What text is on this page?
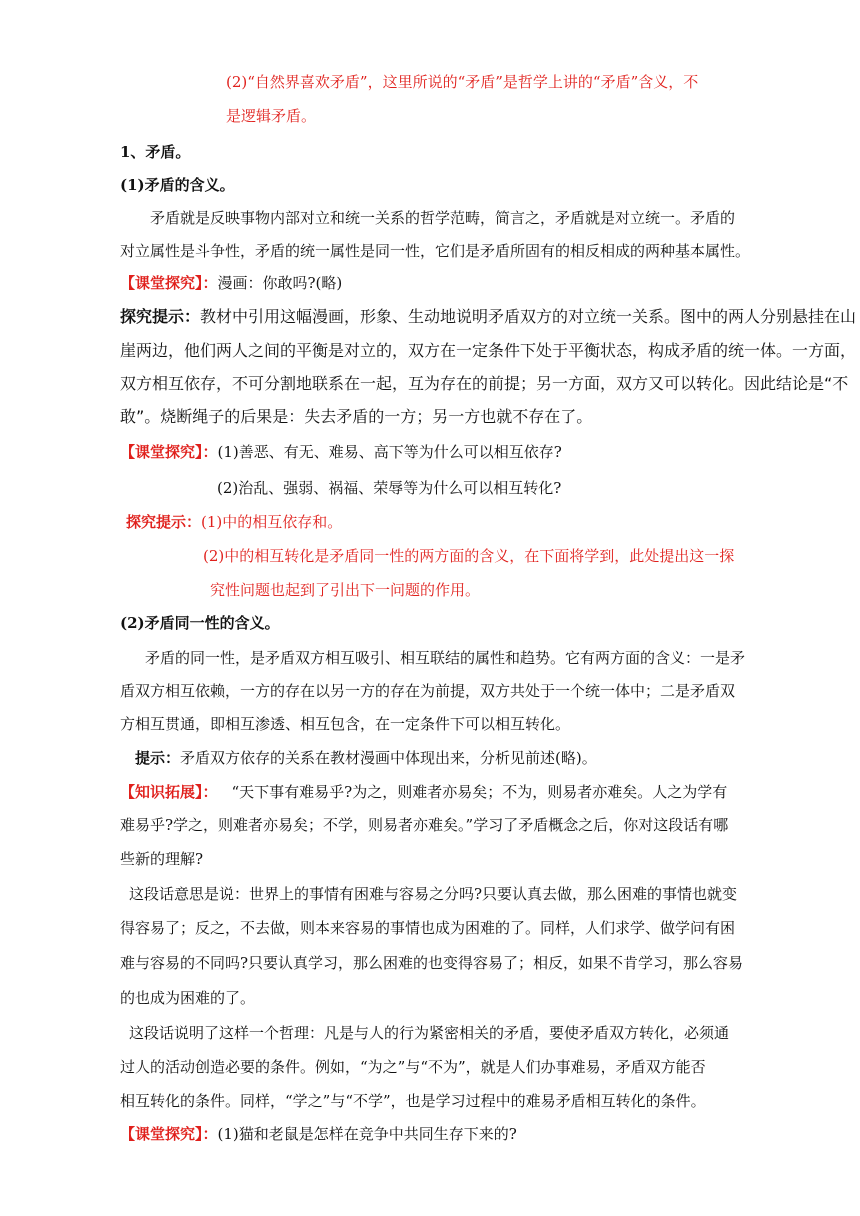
(2)“自然界喜欢矛盾”，这里所说的“矛盾”是哲学上讲的“矛盾”含义，不
是逻辑矛盾。
1、矛盾。
(1)矛盾的含义。
矛盾就是反映事物内部对立和统一关系的哲学范畴，简言之，矛盾就是对立统一。矛盾的
对立属性是斗争性，矛盾的统一属性是同一性，它们是矛盾所固有的相反相成的两种基本属性。
【课堂探究】：漫画：你敢吗?(略)
探究提示：教材中引用这幅漫画，形象、生动地说明矛盾双方的对立统一关系。图中的两人分别悬挂在山
崖两边，他们两人之间的平衡是对立的，双方在一定条件下处于平衡状态，构成矛盾的统一体。一方面，
双方相互依存，不可分割地联系在一起，互为存在的前提；另一方面，双方又可以转化。因此结论是“不
敢”。烧断绳子的后果是：失去矛盾的一方；另一方也就不存在了。
【课堂探究】：(1)善恶、有无、难易、高下等为什么可以相互依存?
(2)治乱、强弱、祸福、荣辱等为什么可以相互转化?
探究提示：(1)中的相互依存和。
(2)中的相互转化是矛盾同一性的两方面的含义，在下面将学到，此处提出这一探
究性问题也起到了引出下一问题的作用。
(2)矛盾同一性的含义。
矛盾的同一性，是矛盾双方相互吸引、相互联结的属性和趋势。它有两方面的含义：一是矛
盾双方相互依赖，一方的存在以另一方的存在为前提，双方共处于一个统一体中；二是矛盾双
方相互贯通，即相互渗透、相互包含，在一定条件下可以相互转化。
提示：矛盾双方依存的关系在教材漫画中体现出来，分析见前述(略)。
【知识拓展】： “天下事有难易乎?为之，则难者亦易矣；不为，则易者亦难矣。人之为学有
难易乎?学之，则难者亦易矣；不学，则易者亦难矣。”学习了矛盾概念之后，你对这段话有哪
些新的理解?
这段话意思是说：世界上的事情有困难与容易之分吗?只要认真去做，那么困难的事情也就变
得容易了；反之，不去做，则本来容易的事情也成为困难的了。同样，人们求学、做学问有困
难与容易的不同吗?只要认真学习，那么困难的也变得容易了；相反，如果不肯学习，那么容易
的也成为困难的了。
这段话说明了这样一个哲理：凡是与人的行为紧密相关的矛盾，要使矛盾双方转化，必须通
过人的活动创造必要的条件。例如，“为之”与“不为”，就是人们办事难易，矛盾双方能否
相互转化的条件。同样，“学之”与“不学”，也是学习过程中的难易矛盾相互转化的条件。
【课堂探究】：(1)猫和老鼠是怎样在竞争中共同生存下来的?
